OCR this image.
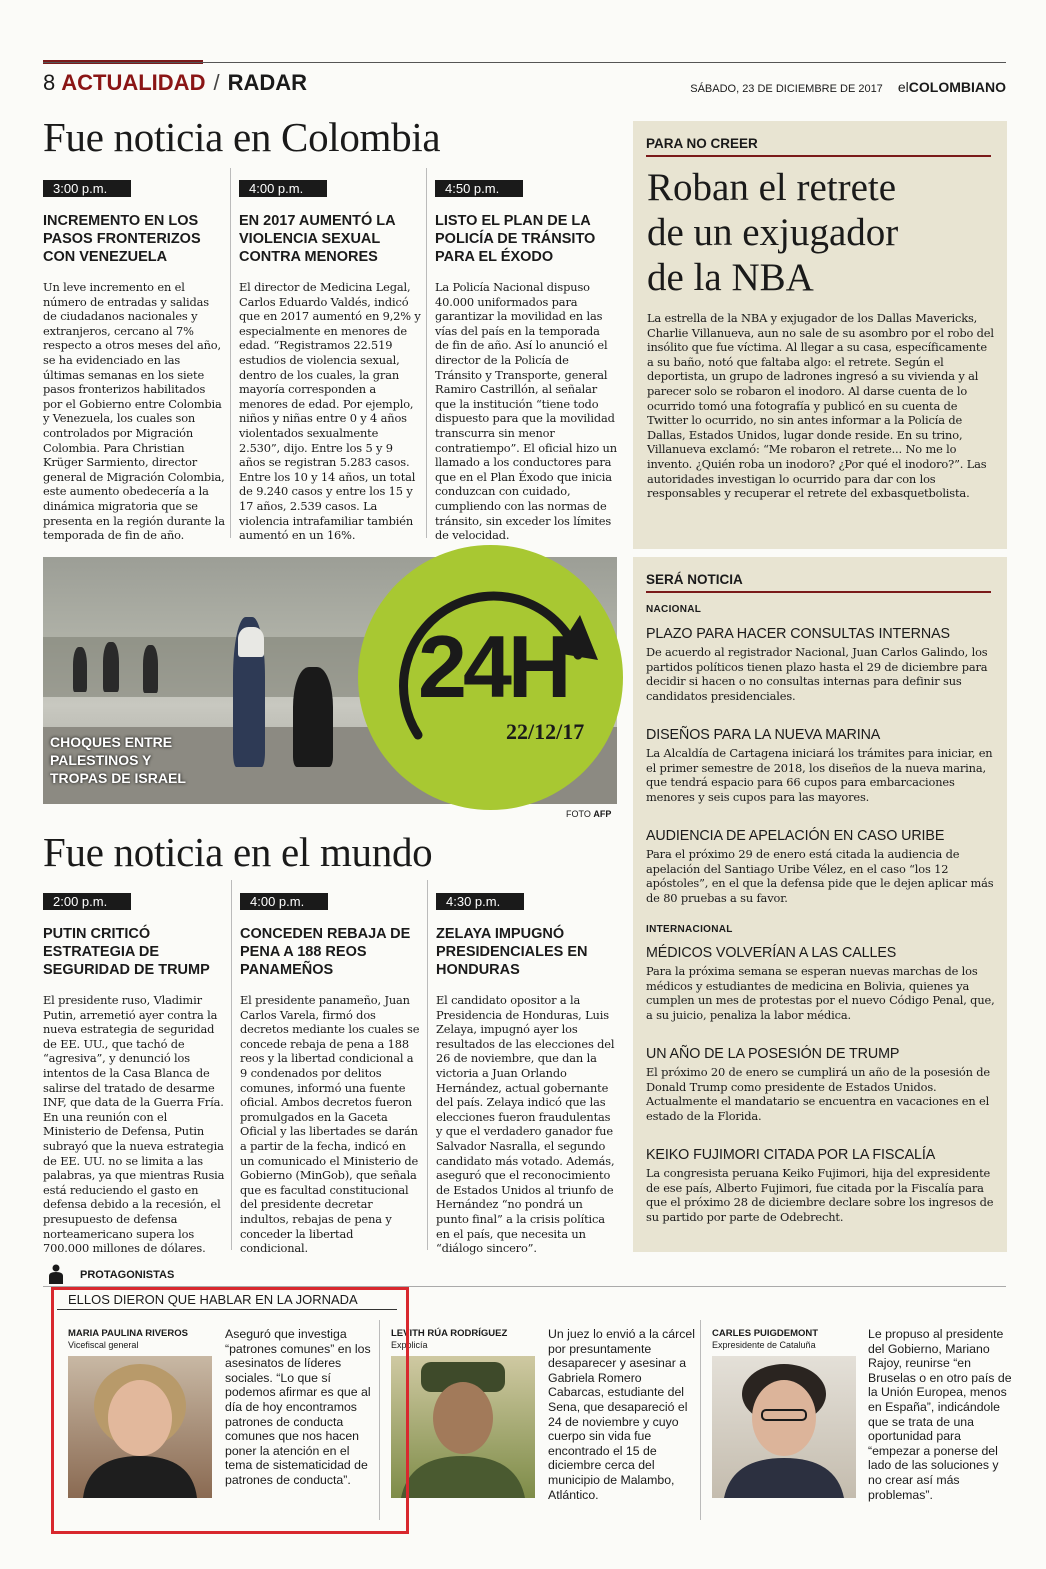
8 ACTUALIDAD / RADAR	SÁBADO, 23 DE DICIEMBRE DE 2017 elCOLOMBIANO
Fue noticia en Colombia
3:00 p.m.
INCREMENTO EN LOS PASOS FRONTERIZOS CON VENEZUELA

Un leve incremento en el número de entradas y salidas de ciudadanos nacionales y extranjeros, cercano al 7% respecto a otros meses del año, se ha evidenciado en las últimas semanas en los siete pasos fronterizos habilitados por el Gobierno entre Colombia y Venezuela, los cuales son controlados por Migración Colombia. Para Christian Krüger Sarmiento, director general de Migración Colombia, este aumento obedecería a la dinámica migratoria que se presenta en la región durante la temporada de fin de año.

4:00 p.m.
EN 2017 AUMENTÓ LA VIOLENCIA SEXUAL CONTRA MENORES

El director de Medicina Legal, Carlos Eduardo Valdés, indicó que en 2017 aumentó en 9,2% y especialmente en menores de edad. “Registramos 22.519 estudios de violencia sexual, dentro de los cuales, la gran mayoría corresponden a menores de edad. Por ejemplo, niños y niñas entre 0 y 4 años violentados sexualmente 2.530”, dijo. Entre los 5 y 9 años se registran 5.283 casos. Entre los 10 y 14 años, un total de 9.240 casos y entre los 15 y 17 años, 2.539 casos. La violencia intrafamiliar también aumentó en un 16%.

4:50 p.m.
LISTO EL PLAN DE LA POLICÍA DE TRÁNSITO PARA EL ÉXODO

La Policía Nacional dispuso 40.000 uniformados para garantizar la movilidad en las vías del país en la temporada de fin de año. Así lo anunció el director de la Policía de Tránsito y Transporte, general Ramiro Castrillón, al señalar que la institución “tiene todo dispuesto para que la movilidad transcurra sin menor contratiempo”. El oficial hizo un llamado a los conductores para que en el Plan Éxodo que inicia conduzcan con cuidado, cumpliendo con las normas de tránsito, sin exceder los límites de velocidad.

CHOQUES ENTRE
PALESTINOS Y
TROPAS DE ISRAEL
24H
22/12/17
FOTO AFP
Fue noticia en el mundo
2:00 p.m.
PUTIN CRITICÓ ESTRATEGIA DE SEGURIDAD DE TRUMP

El presidente ruso, Vladimir Putin, arremetió ayer contra la nueva estrategia de seguridad de EE. UU., que tachó de “agresiva”, y denunció los intentos de la Casa Blanca de salirse del tratado de desarme INF, que data de la Guerra Fría. En una reunión con el Ministerio de Defensa, Putin subrayó que la nueva estrategia de EE. UU. no se limita a las palabras, ya que mientras Rusia está reduciendo el gasto en defensa debido a la recesión, el presupuesto de defensa norteamericano supera los 700.000 millones de dólares.

4:00 p.m.
CONCEDEN REBAJA DE PENA A 188 REOS PANAMEÑOS

El presidente panameño, Juan Carlos Varela, firmó dos decretos mediante los cuales se concede rebaja de pena a 188 reos y la libertad condicional a 9 condenados por delitos comunes, informó una fuente oficial. Ambos decretos fueron promulgados en la Gaceta Oficial y las libertades se darán a partir de la fecha, indicó en un comunicado el Ministerio de Gobierno (MinGob), que señala que es facultad constitucional del presidente decretar indultos, rebajas de pena y conceder la libertad condicional.

4:30 p.m.
ZELAYA IMPUGNÓ PRESIDENCIALES EN HONDURAS

El candidato opositor a la Presidencia de Honduras, Luis Zelaya, impugnó ayer los resultados de las elecciones del 26 de noviembre, que dan la victoria a Juan Orlando Hernández, actual gobernante del país. Zelaya indicó que las elecciones fueron fraudulentas y que el verdadero ganador fue Salvador Nasralla, el segundo candidato más votado. Además, aseguró que el reconocimiento de Estados Unidos al triunfo de Hernández “no pondrá un punto final” a la crisis política en el país, que necesita un “diálogo sincero”.

PARA NO CREER
Roban el retrete
de un exjugador
de la NBA
La estrella de la NBA y exjugador de los Dallas Mavericks, Charlie Villanueva, aun no sale de su asombro por el robo del insólito que fue víctima. Al llegar a su casa, específicamente a su baño, notó que faltaba algo: el retrete. Según el deportista, un grupo de ladrones ingresó a su vivienda y al parecer solo se robaron el inodoro. Al darse cuenta de lo ocurrido tomó una fotografía y publicó en su cuenta de Twitter lo ocurrido, no sin antes informar a la Policía de Dallas, Estados Unidos, lugar donde reside. En su trino, Villanueva exclamó: “Me robaron el retrete... No me lo invento. ¿Quién roba un inodoro? ¿Por qué el inodoro?”. Las autoridades investigan lo ocurrido para dar con los responsables y recuperar el retrete del exbasquetbolista.
SERÁ NOTICIA
NACIONAL
PLAZO PARA HACER CONSULTAS INTERNAS

De acuerdo al registrador Nacional, Juan Carlos Galindo, los partidos políticos tienen plazo hasta el 29 de diciembre para decidir si hacen o no consultas internas para definir sus candidatos presidenciales.

DISEÑOS PARA LA NUEVA MARINA

La Alcaldía de Cartagena iniciará los trámites para iniciar, en el primer semestre de 2018, los diseños de la nueva marina, que tendrá espacio para 66 cupos para embarcaciones menores y seis cupos para las mayores.

AUDIENCIA DE APELACIÓN EN CASO URIBE

Para el próximo 29 de enero está citada la audiencia de apelación del Santiago Uribe Vélez, en el caso “los 12 apóstoles”, en el que la defensa pide que le dejen aplicar más de 80 pruebas a su favor.

INTERNACIONAL
MÉDICOS VOLVERÍAN A LAS CALLES

Para la próxima semana se esperan nuevas marchas de los médicos y estudiantes de medicina en Bolivia, quienes ya cumplen un mes de protestas por el nuevo Código Penal, que, a su juicio, penaliza la labor médica.

UN AÑO DE LA POSESIÓN DE TRUMP

El próximo 20 de enero se cumplirá un año de la posesión de Donald Trump como presidente de Estados Unidos. Actualmente el mandatario se encuentra en vacaciones en el estado de la Florida.

KEIKO FUJIMORI CITADA POR LA FISCALÍA

La congresista peruana Keiko Fujimori, hija del expresidente de ese país, Alberto Fujimori, fue citada por la Fiscalía para que el próximo 28 de diciembre declare sobre los ingresos de su partido por parte de Odebrecht.

PROTAGONISTAS
ELLOS DIERON QUE HABLAR EN LA JORNADA
MARIA PAULINA RIVEROS
Vicefiscal general
Aseguró que investiga “patrones comunes” en los asesinatos de líderes sociales. “Lo que sí podemos afirmar es que al día de hoy encontramos patrones de conducta comunes que nos hacen poner la atención en el tema de sistematicidad de patrones de conducta”.
LEVITH RÚA RODRÍGUEZ
Expolicía
Un juez lo envió a la cárcel por presuntamente desaparecer y asesinar a Gabriela Romero Cabarcas, estudiante del Sena, que desapareció el 24 de noviembre y cuyo cuerpo sin vida fue encontrado el 15 de diciembre cerca del municipio de Malambo, Atlántico.
CARLES PUIGDEMONT
Expresidente de Cataluña
Le propuso al presidente del Gobierno, Mariano Rajoy, reunirse “en Bruselas o en otro país de la Unión Europea, menos en España”, indicándole que se trata de una oportunidad para “empezar a ponerse del lado de las soluciones y no crear así más problemas”.
